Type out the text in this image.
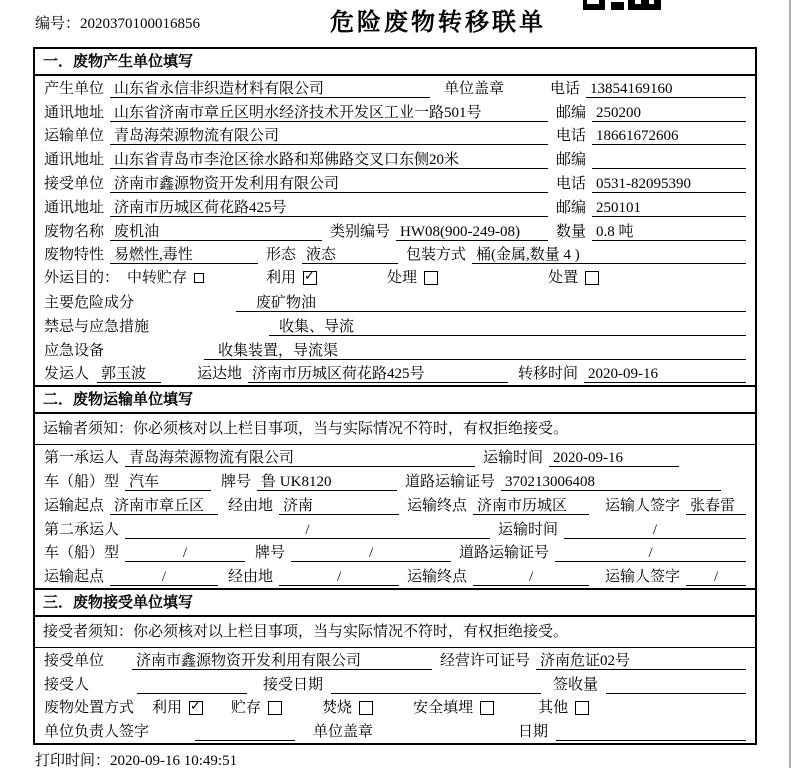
编号：2020370100016856	危险废物转移联单
一．废物产生单位填写
产生单位 山东省永信非织造材料有限公司	单位盖章	电话 13854169160
通讯地址 山东省济南市章丘区明水经济技术开发区工业一路501号	邮编 250200
运输单位 青岛海荣源物流有限公司	电话 18661672606
通讯地址 山东省青岛市李沧区徐水路和郑佛路交叉口东侧20米	邮编
接受单位 济南市鑫源物资开发利用有限公司	电话 0531-82095390
通讯地址 济南市历城区荷花路425号	邮编 250101
废物名称 废机油	类别编号 HW08(900-249-08)	数量 0.8 吨
废物特性 易燃性,毒性	形态 液态	包装方式 桶(金属,数量 4 )
外运目的： 中转贮存	利用 ✓	处理	处置
主要危险成分	废矿物油
禁忌与应急措施	收集、导流
应急设备	收集装置，导流渠
发运人 郭玉波	运达地 济南市历城区荷花路425号	转移时间 2020-09-16
二．废物运输单位填写
运输者须知：你必须核对以上栏目事项，当与实际情况不符时，有权拒绝接受。
第一承运人 青岛海荣源物流有限公司	运输时间 2020-09-16
车（船）型 汽车	牌号 鲁 UK8120	道路运输证号 370213006408
运输起点 济南市章丘区	经由地 济南	运输终点 济南市历城区	运输人签字 张春雷
第二承运人	/	运输时间	/
车（船）型	/	牌号	/	道路运输证号	/
运输起点	/	经由地	/	运输终点	/	运输人签字	/
三．废物接受单位填写
接受者须知：你必须核对以上栏目事项，当与实际情况不符时，有权拒绝接受。
接受单位 济南市鑫源物资开发利用有限公司	经营许可证号 济南危证02号
接受人	接受日期	签收量
废物处置方式 利用 ✓	贮存	焚烧	安全填埋	其他
单位负责人签字	单位盖章	日期
打印时间：2020-09-16 10:49:51
